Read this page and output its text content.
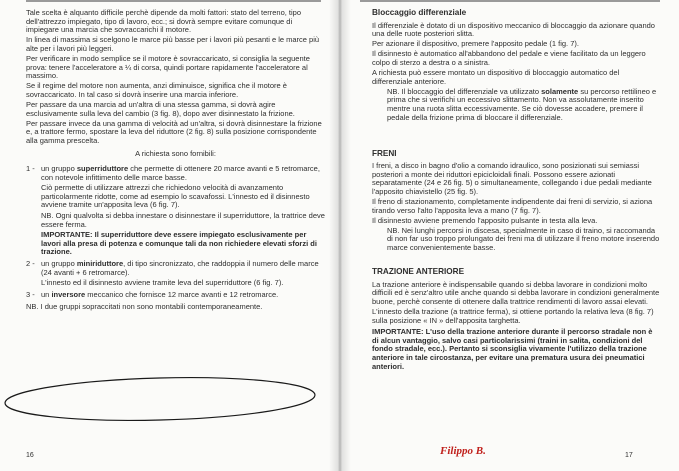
Tale scelta è alquanto difficile perchè dipende da molti fattori: stato del terreno, tipo dell'attrezzo impiegato, tipo di lavoro, ecc.; si dovrà sempre evitare comunque di impiegare una marcia che sovraccarichi il motore.

In linea di massima si scelgono le marce più basse per i lavori più pesanti e le marce più alte per i lavori più leggeri.

Per verificare in modo semplice se il motore è sovraccaricato, si consiglia la seguente prova: tenere l'acceleratore a ¼ di corsa, quindi portare rapidamente l'acceleratore al massimo.

Se il regime del motore non aumenta, anzi diminuisce, significa che il motore è sovraccaricato. In tal caso si dovrà inserire una marcia inferiore.

Per passare da una marcia ad un'altra di una stessa gamma, si dovrà agire esclusivamente sulla leva del cambio (3 fig. 8), dopo aver disinnestato la frizione.

Per passare invece da una gamma di velocità ad un'altra, si dovrà disinnestare la frizione e, a trattore fermo, spostare la leva del riduttore (2 fig. 8) sulla posizione corrispondente alla gamma prescelta.

A richiesta sono fornibili:

1 - un gruppo superriduttore che permette di ottenere 20 marce avanti e 5 retromarce, con notevole infittimento delle marce basse.

Ciò permette di utilizzare attrezzi che richiedono velocità di avanzamento particolarmente ridotte, come ad esempio lo scavafossi. L'innesto ed il disinnesto avviene tramite un'apposita leva (6 fig. 7).

NB. Ogni qualvolta si debba innestare o disinnestare il superriduttore, la trattrice deve essere ferma.

IMPORTANTE: Il superriduttore deve essere impiegato esclusivamente per lavori alla presa di potenza e comunque tali da non richiedere elevati sforzi di trazione.

2 - un gruppo miniriduttore, di tipo sincronizzato, che raddoppia il numero delle marce (24 avanti + 6 retromarce).

L'innesto ed il disinnesto avviene tramite leva del superriduttore (6 fig. 7).

3 - un inversore meccanico che fornisce 12 marce avanti e 12 retromarce.

NB. I due gruppi sopraccitati non sono montabili contemporaneamente.

16

Bloccaggio differenziale

Il differenziale è dotato di un dispositivo meccanico di bloccaggio da azionare quando una delle ruote posteriori slitta.

Per azionare il dispositivo, premere l'apposito pedale (1 fig. 7).

Il disinnesto è automatico all'abbandono del pedale e viene facilitato da un leggero colpo di sterzo a destra o a sinistra.

A richiesta può essere montato un dispositivo di bloccaggio automatico del differenziale anteriore.

NB. Il bloccaggio del differenziale va utilizzato solamente su percorso rettilineo e prima che si verifichi un eccessivo slittamento. Non va assolutamente inserito mentre una ruota slitta eccessivamente. Se ciò dovesse accadere, premere il pedale della frizione prima di bloccare il differenziale.

FRENI

I freni, a disco in bagno d'olio a comando idraulico, sono posizionati sui semiassi posteriori a monte dei riduttori epicicloidali finali. Possono essere azionati separatamente (24 e 26 fig. 5) o simultaneamente, collegando i due pedali mediante l'apposito chiavistello (25 fig. 5).

Il freno di stazionamento, completamente indipendente dai freni di servizio, si aziona tirando verso l'alto l'apposita leva a mano (7 fig. 7).

Il disinnesto avviene premendo l'apposito pulsante in testa alla leva.

NB. Nei lunghi percorsi in discesa, specialmente in caso di traino, si raccomanda di non far uso troppo prolungato dei freni ma di utilizzare il freno motore inserendo marce convenientemente basse.

TRAZIONE ANTERIORE

La trazione anteriore è indispensabile quando si debba lavorare in condizioni molto difficili ed è senz'altro utile anche quando si debba lavorare in condizioni generalmente buone, perchè consente di ottenere dalla trattrice rendimenti di lavoro assai elevati.

L'innesto della trazione (a trattrice ferma), si ottiene portando la relativa leva (8 fig. 7) sulla posizione « IN » dell'apposita targhetta.

IMPORTANTE: L'uso della trazione anteriore durante il percorso stradale non è di alcun vantaggio, salvo casi particolarissimi (traini in salita, condizioni del fondo stradale, ecc.). Pertanto si sconsiglia vivamente l'utilizzo della trazione anteriore in tale circostanza, per evitare una prematura usura dei pneumatici anteriori.

Filippo B.	17
